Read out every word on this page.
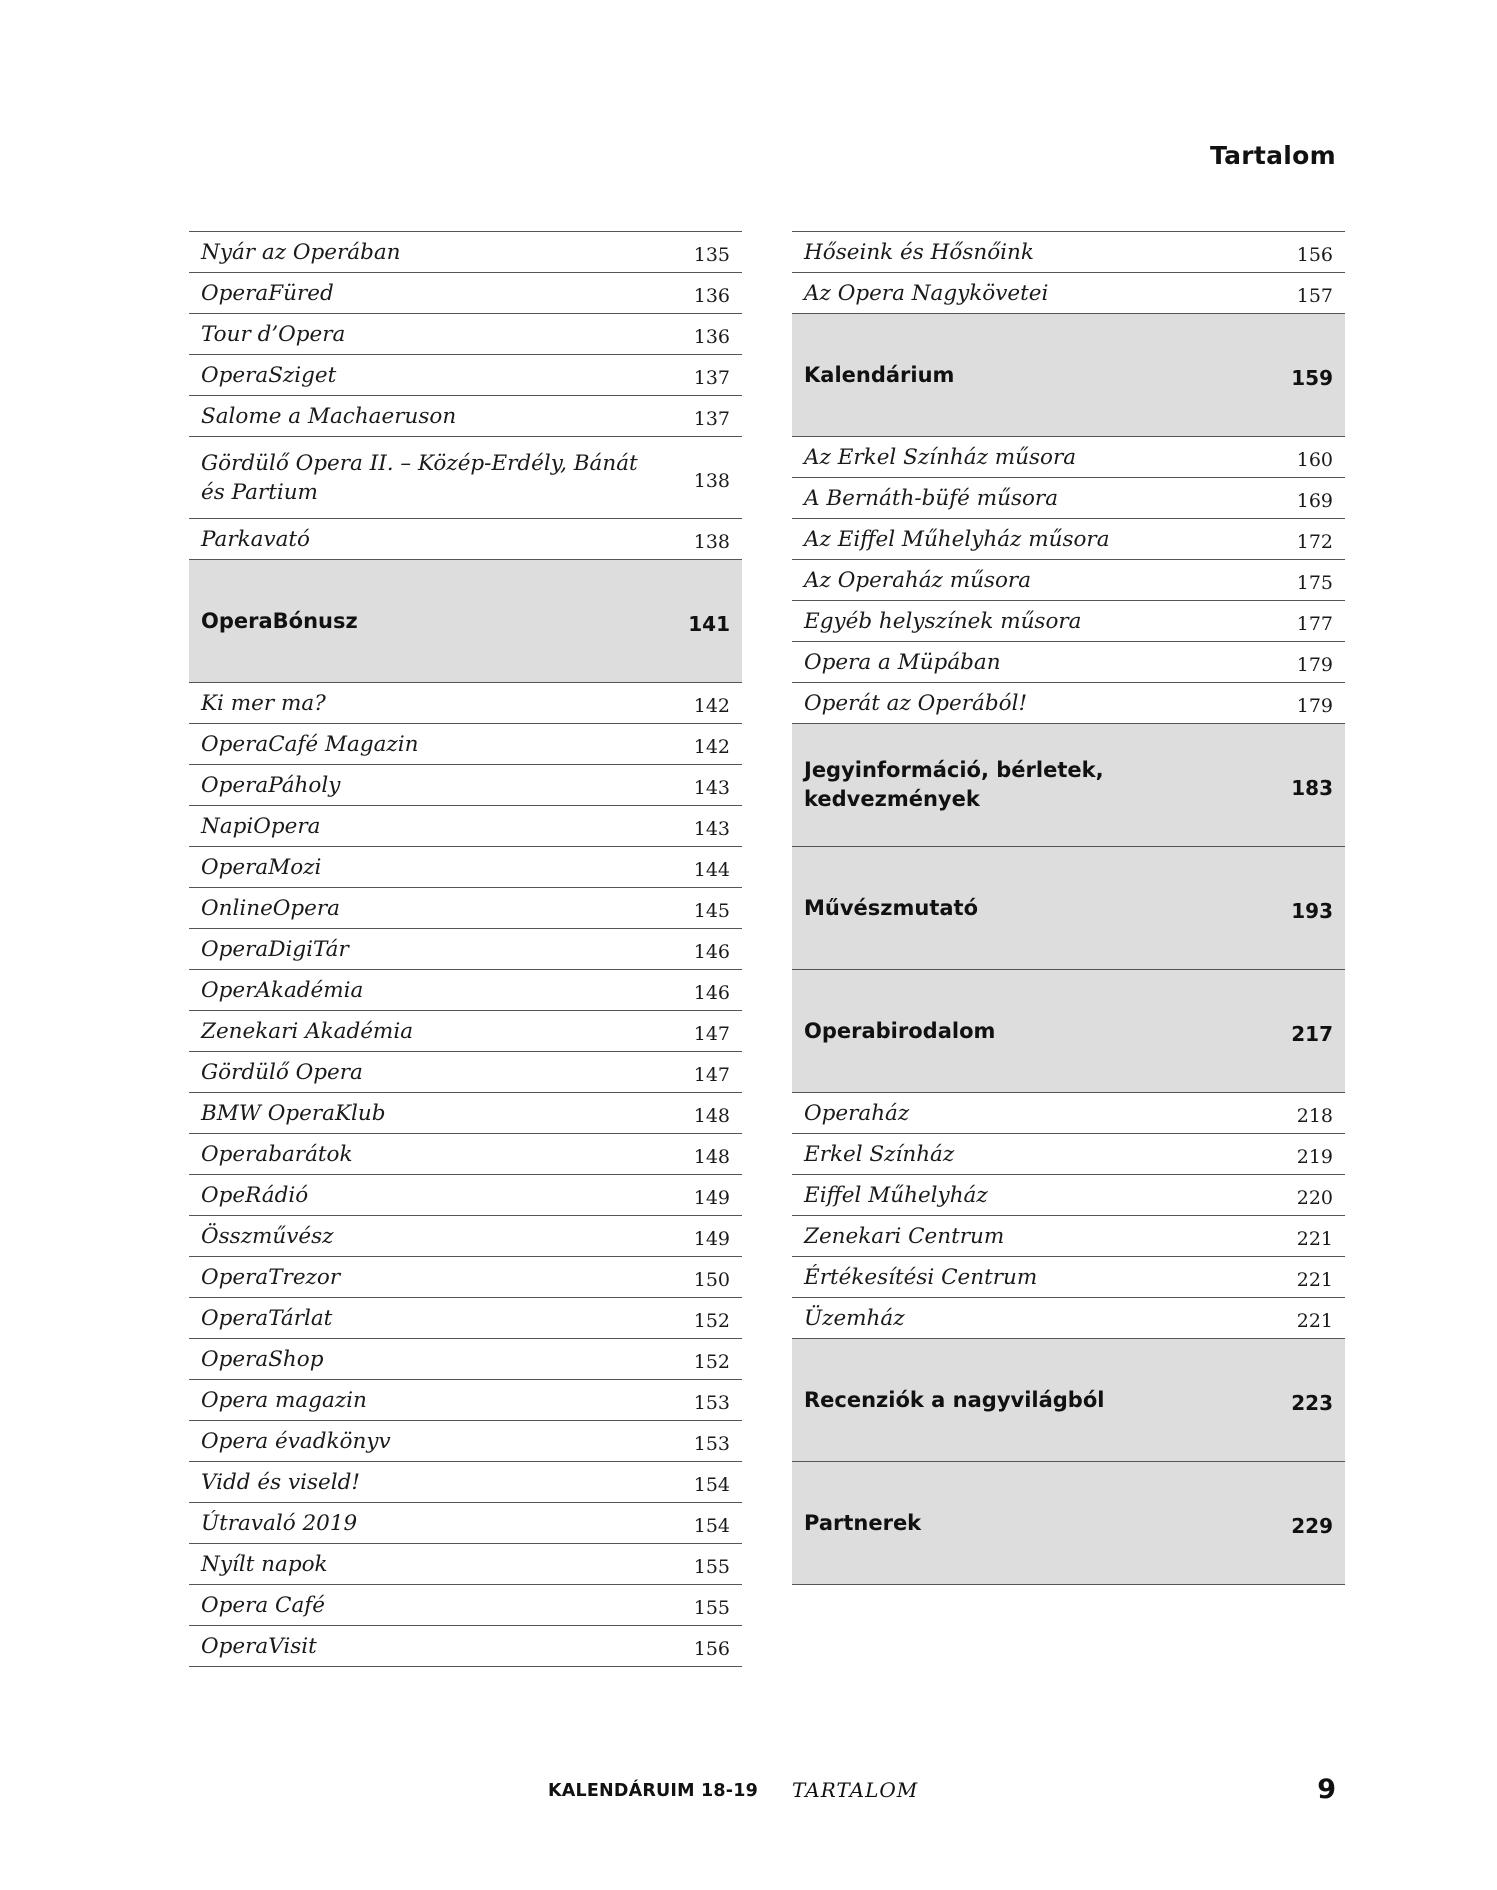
Tartalom
Nyár az Operában	135
OperaFüred	136
Tour d’Opera	136
OperaSziget	137
Salome a Machaeruson	137
Gördülő Opera II. – Közép-Erdély, Bánát és Partium	138
Parkavató	138
OperaBónusz	141
Ki mer ma?	142
OperaCafé Magazin	142
OperaPáholy	143
NapiOpera	143
OperaMozi	144
OnlineOpera	145
OperaDigiTár	146
OperAkadémia	146
Zenekari Akadémia	147
Gördülő Opera	147
BMW OperaKlub	148
Operabarátok	148
OpeRádió	149
Összművész	149
OperaTrezor	150
OperaTárlat	152
OperaShop	152
Opera magazin	153
Opera évadkönyv	153
Vidd és viseld!	154
Útravaló 2019	154
Nyílt napok	155
Opera Café	155
OperaVisit	156
Hőseink és Hősnőink	156
Az Opera Nagykövetei	157
Kalendárium	159
Az Erkel Színház műsora	160
A Bernáth-büfé műsora	169
Az Eiffel Műhelyház műsora	172
Az Operaház műsora	175
Egyéb helyszínek műsora	177
Opera a Müpában	179
Operát az Operából!	179
Jegyinformáció, bérletek, kedvezmények	183
Művészmutató	193
Operabirodalom	217
Operaház	218
Erkel Színház	219
Eiffel Műhelyház	220
Zenekari Centrum	221
Értékesítési Centrum	221
Üzemház	221
Recenziók a nagyvilágból	223
Partnerek	229
KALENDÁRUIM 18-19 TARTALOM	9
